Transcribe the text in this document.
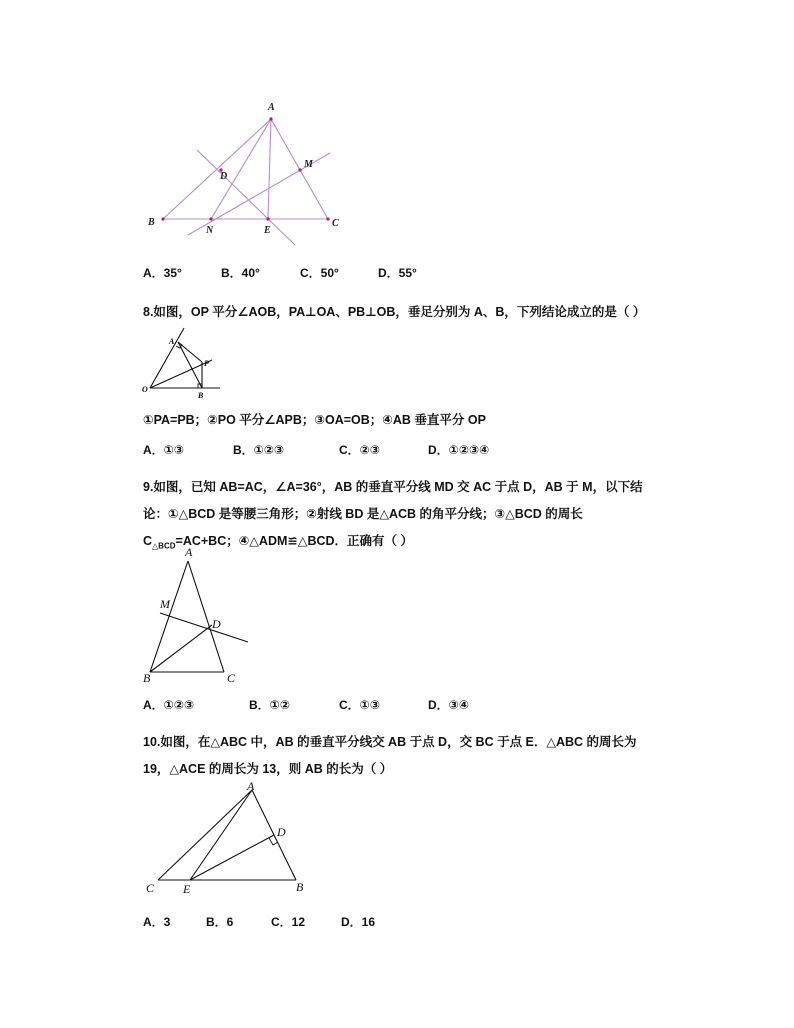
A
B	C
D
E
M
N
A．35°	B．40°	C．50°	D．55°
8.如图，OP 平分∠AOB，PA⊥OA、PB⊥OB，垂足分别为 A、B，下列结论成立的是（ ）
O
A
P
B
①PA=PB；②PO 平分∠APB；③OA=OB；④AB 垂直平分 OP
A．①③	B．①②③	C．②③	D．①②③④
9.如图，已知 AB=AC，∠A=36°，AB 的垂直平分线 MD 交 AC 于点 D，AB 于 M，以下结
论：①△BCD 是等腰三角形；②射线 BD 是△ACB 的角平分线；③△BCD 的周长
$C_{\triangle BCD}=AC+BC$；④△ADM≌△BCD．正确有（ ）
A
M
D
B	C
A．①②③	B．①②	C．①③	D．③④
10.如图，在△ABC 中，AB 的垂直平分线交 AB 于点 D，交 BC 于点 E．△ABC 的周长为
19，△ACE 的周长为 13，则 AB 的长为（ ）
A
D
C E	B
A．3	B．6	C．12	D．16
